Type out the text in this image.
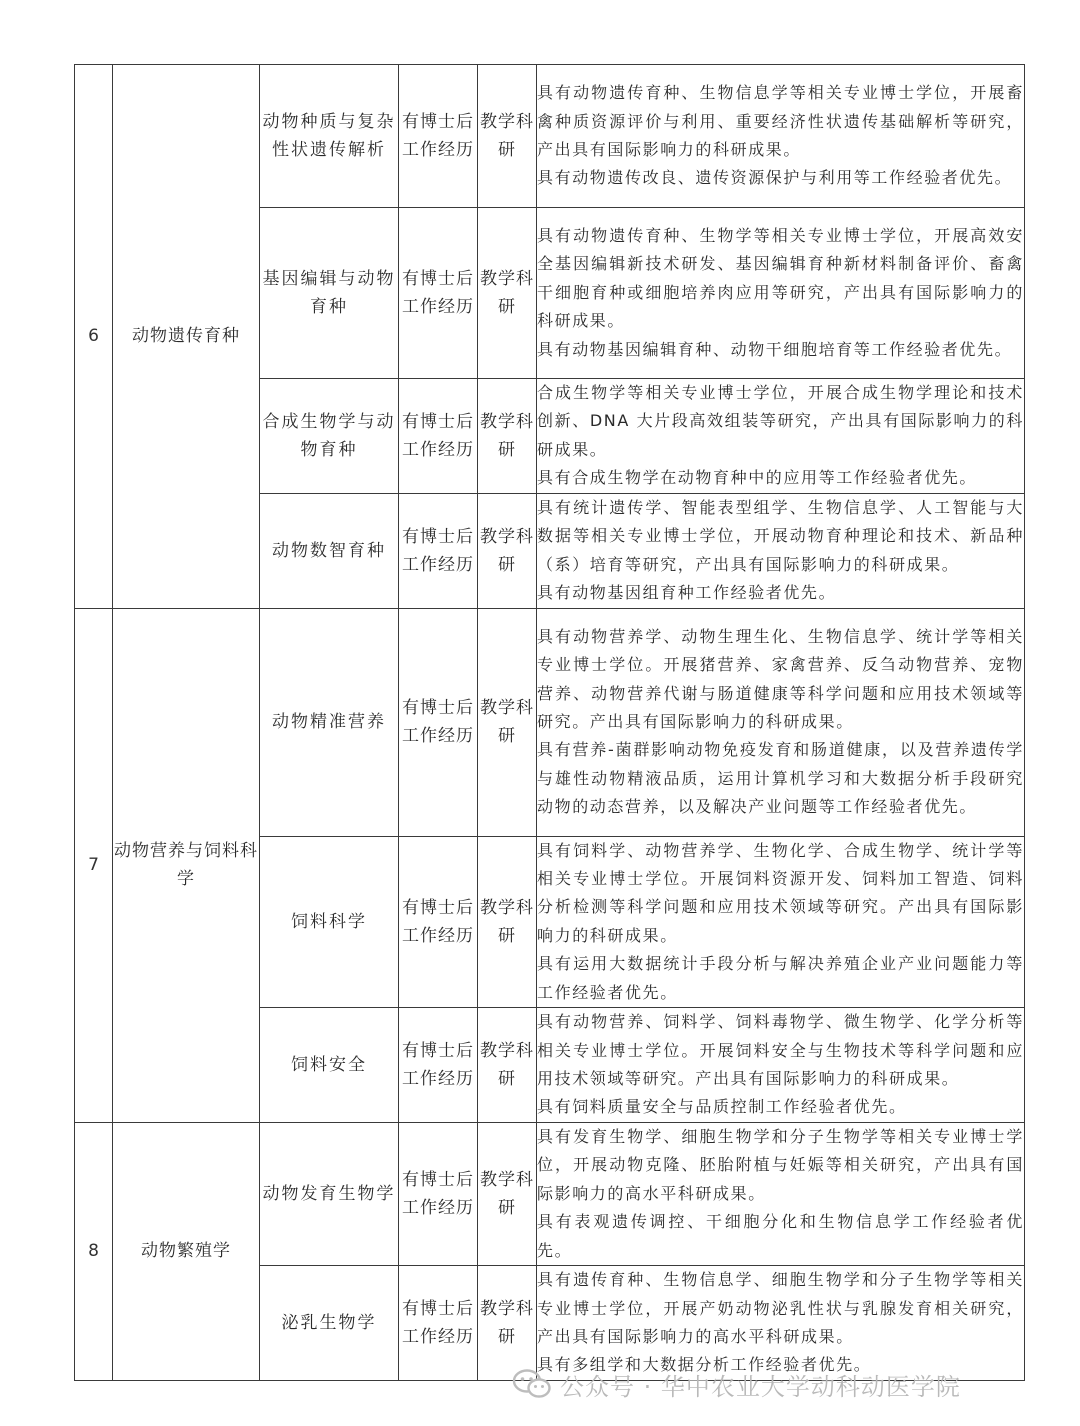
6	动物遗传育种	动物种质与复杂性状遗传解析	有博士后工作经历	教学科研	具有动物遗传育种、生物信息学等相关专业博士学位，开展畜禽种质资源评价与利用、重要经济性状遗传基础解析等研究，产出具有国际影响力的科研成果。

具有动物遗传改良、遗传资源保护与利用等工作经验者优先。

		基因编辑与动物育种	有博士后工作经历	教学科研	具有动物遗传育种、生物学等相关专业博士学位，开展高效安全基因编辑新技术研发、基因编辑育种新材料制备评价、畜禽干细胞育种或细胞培养肉应用等研究，产出具有国际影响力的科研成果。

具有动物基因编辑育种、动物干细胞培育等工作经验者优先。

		合成生物学与动物育种	有博士后工作经历	教学科研	合成生物学等相关专业博士学位，开展合成生物学理论和技术创新、DNA 大片段高效组装等研究，产出具有国际影响力的科研成果。

具有合成生物学在动物育种中的应用等工作经验者优先。

		动物数智育种	有博士后工作经历	教学科研	具有统计遗传学、智能表型组学、生物信息学、人工智能与大数据等相关专业博士学位，开展动物育种理论和技术、新品种（系）培育等研究，产出具有国际影响力的科研成果。

具有动物基因组育种工作经验者优先。

7	动物营养与饲料科学	动物精准营养	有博士后工作经历	教学科研	具有动物营养学、动物生理生化、生物信息学、统计学等相关专业博士学位。开展猪营养、家禽营养、反刍动物营养、宠物营养、动物营养代谢与肠道健康等科学问题和应用技术领域等研究。产出具有国际影响力的科研成果。

具有营养-菌群影响动物免疫发育和肠道健康，以及营养遗传学与雄性动物精液品质，运用计算机学习和大数据分析手段研究动物的动态营养，以及解决产业问题等工作经验者优先。

		饲料科学	有博士后工作经历	教学科研	具有饲料学、动物营养学、生物化学、合成生物学、统计学等相关专业博士学位。开展饲料资源开发、饲料加工智造、饲料分析检测等科学问题和应用技术领域等研究。产出具有国际影响力的科研成果。

具有运用大数据统计手段分析与解决养殖企业产业问题能力等工作经验者优先。

		饲料安全	有博士后工作经历	教学科研	具有动物营养、饲料学、饲料毒物学、微生物学、化学分析等相关专业博士学位。开展饲料安全与生物技术等科学问题和应用技术领域等研究。产出具有国际影响力的科研成果。

具有饲料质量安全与品质控制工作经验者优先。

8	动物繁殖学	动物发育生物学	有博士后工作经历	教学科研	具有发育生物学、细胞生物学和分子生物学等相关专业博士学位，开展动物克隆、胚胎附植与妊娠等相关研究，产出具有国际影响力的高水平科研成果。

具有表观遗传调控、干细胞分化和生物信息学工作经验者优先。

		泌乳生物学	有博士后工作经历	教学科研	具有遗传育种、生物信息学、细胞生物学和分子生物学等相关专业博士学位，开展产奶动物泌乳性状与乳腺发育相关研究，产出具有国际影响力的高水平科研成果。

具有多组学和大数据分析工作经验者优先。

公众号 · 华中农业大学动科动医学院
